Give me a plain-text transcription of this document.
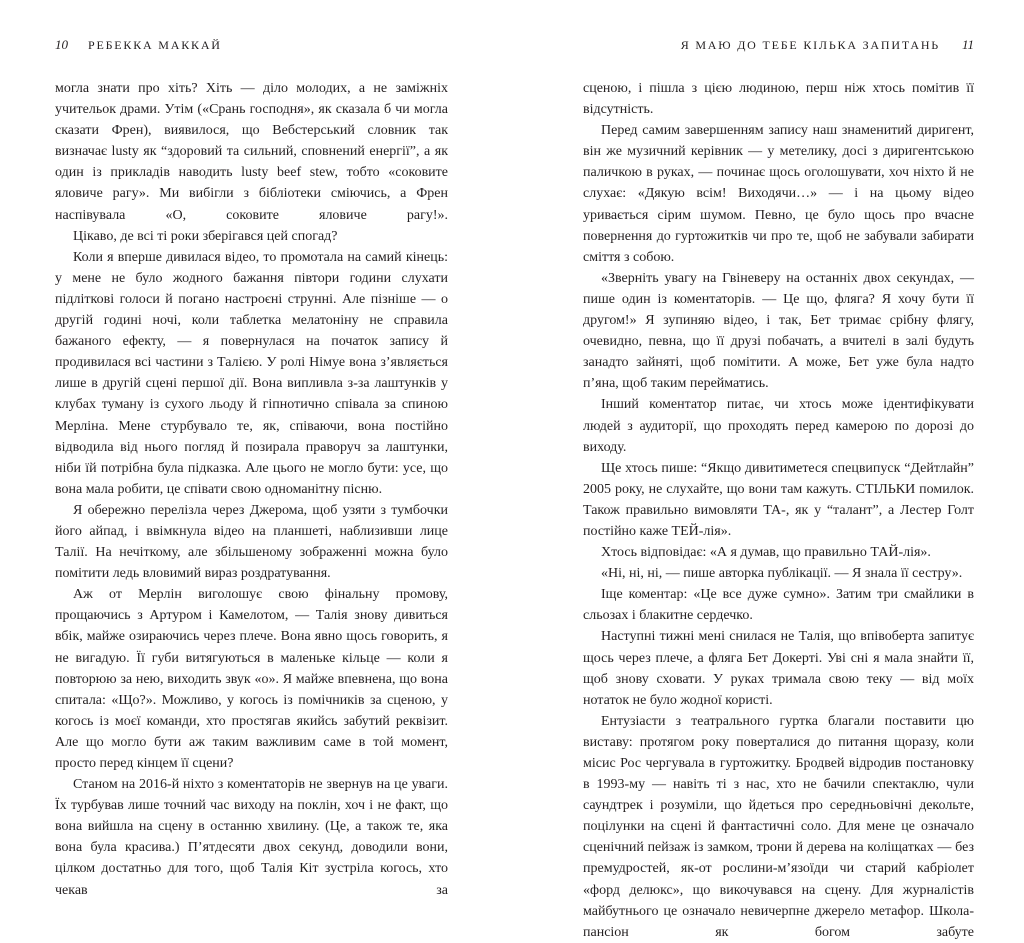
10 РЕБЕККА МАККАЙ

могла знати про хіть? Хіть — діло молодих, а не заміжніх учительок драми. Утім («Срань господня», як сказала б чи могла сказати Френ), виявилося, що Вебстерський словник так визначає lusty як “здоровий та сильний, сповнений енергії”, а як один із прикладів наводить lusty beef stew, тобто «соковите яловиче рагу». Ми вибігли з бібліотеки сміючись, а Френ наспівувала «О, соковите яловиче рагу!».

Цікаво, де всі ті роки зберігався цей спогад?

Коли я вперше дивилася відео, то промотала на самий кінець: у мене не було жодного бажання півтори години слухати підліткові голоси й погано настроєні струнні. Але пізніше — о другій годині ночі, коли таблетка мелатоніну не справила бажаного ефекту, — я повернулася на початок запису й продивилася всі частини з Талією. У ролі Німуе вона з’являється лише в другій сцені першої дії. Вона випливла з-за лаштунків у клубах туману із сухого льоду й гіпнотично співала за спиною Мерліна. Мене стурбувало те, як, співаючи, вона постійно відводила від нього погляд й позирала праворуч за лаштунки, ніби їй потрібна була підказка. Але цього не могло бути: усе, що вона мала робити, це співати свою одноманітну пісню.

Я обережно перелізла через Джерома, щоб узяти з тумбочки його айпад, і ввімкнула відео на планшеті, наблизивши лице Талії. На нечіткому, але збільшеному зображенні можна було помітити ледь вловимий вираз роздратування.

Аж от Мерлін виголошує свою фінальну промову, прощаючись з Артуром і Камелотом, — Талія знову дивиться вбік, майже озираючись через плече. Вона явно щось говорить, я не вигадую. Її губи витягуються в маленьке кільце — коли я повторюю за нею, виходить звук «о». Я майже впевнена, що вона спитала: «Що?». Можливо, у когось із помічників за сценою, у когось із моєї команди, хто простягав якийсь забутий реквізит. Але що могло бути аж таким важливим саме в той момент, просто перед кінцем її сцени?

Станом на 2016-й ніхто з коментаторів не звернув на це уваги. Їх турбував лише точний час виходу на поклін, хоч і не факт, що вона вийшла на сцену в останню хвилину. (Це, а також те, яка вона була красива.) П’ятдесяти двох секунд, доводили вони, цілком достатньо для того, щоб Талія Кіт зустріла когось, хто чекав за

Я МАЮ ДО ТЕБЕ КІЛЬКА ЗАПИТАНЬ 11

сценою, і пішла з цією людиною, перш ніж хтось помітив її відсутність.

Перед самим завершенням запису наш знаменитий диригент, він же музичний керівник — у метелику, досі з диригентською паличкою в руках, — починає щось оголошувати, хоч ніхто й не слухає: «Дякую всім! Виходячи…» — і на цьому відео уривається сірим шумом. Певно, це було щось про вчасне повернення до гуртожитків чи про те, щоб не забували забирати сміття з собою.

«Зверніть увагу на Гвіневеру на останніх двох секундах, — пише один із коментаторів. — Це що, фляга? Я хочу бути її другом!» Я зупиняю відео, і так, Бет тримає срібну флягу, очевидно, певна, що її друзі побачать, а вчителі в залі будуть занадто зайняті, щоб помітити. А може, Бет уже була надто п’яна, щоб таким перейматись.

Інший коментатор питає, чи хтось може ідентифікувати людей з аудиторії, що проходять перед камерою по дорозі до виходу.

Ще хтось пише: “Якщо дивитиметеся спецвипуск “Дейтлайн” 2005 року, не слухайте, що вони там кажуть. СТІЛЬКИ помилок. Також правильно вимовляти ТА-, як у “талант”, а Лестер Голт постійно каже ТЕЙ-лія».

Хтось відповідає: «А я думав, що правильно ТАЙ-лія».

«Ні, ні, ні, — пише авторка публікації. — Я знала її сестру».

Іще коментар: «Це все дуже сумно». Затим три смайлики в сльозах і блакитне сердечко.

Наступні тижні мені снилася не Талія, що впівоберта запитує щось через плече, а фляга Бет Докерті. Уві сні я мала знайти її, щоб знову сховати. У руках тримала свою теку — від моїх нотаток не було жодної користі.

Ентузіасти з театрального гуртка благали поставити цю виставу: протягом року поверталися до питання щоразу, коли місис Рос чергувала в гуртожитку. Бродвей відродив постановку в 1993-му — навіть ті з нас, хто не бачили спектаклю, чули саундтрек і розуміли, що йдеться про середньовічні декольте, поцілунки на сцені й фантастичні соло. Для мене це означало сценічний пейзаж із замком, трони й дерева на коліщатках — без премудростей, як-от рослини-м’язоїди чи старий кабріолет «форд делюкс», що викочувався на сцену. Для журналістів майбутнього це означало невичерпне джерело метафор. Школа-пансіон як богом забуте
